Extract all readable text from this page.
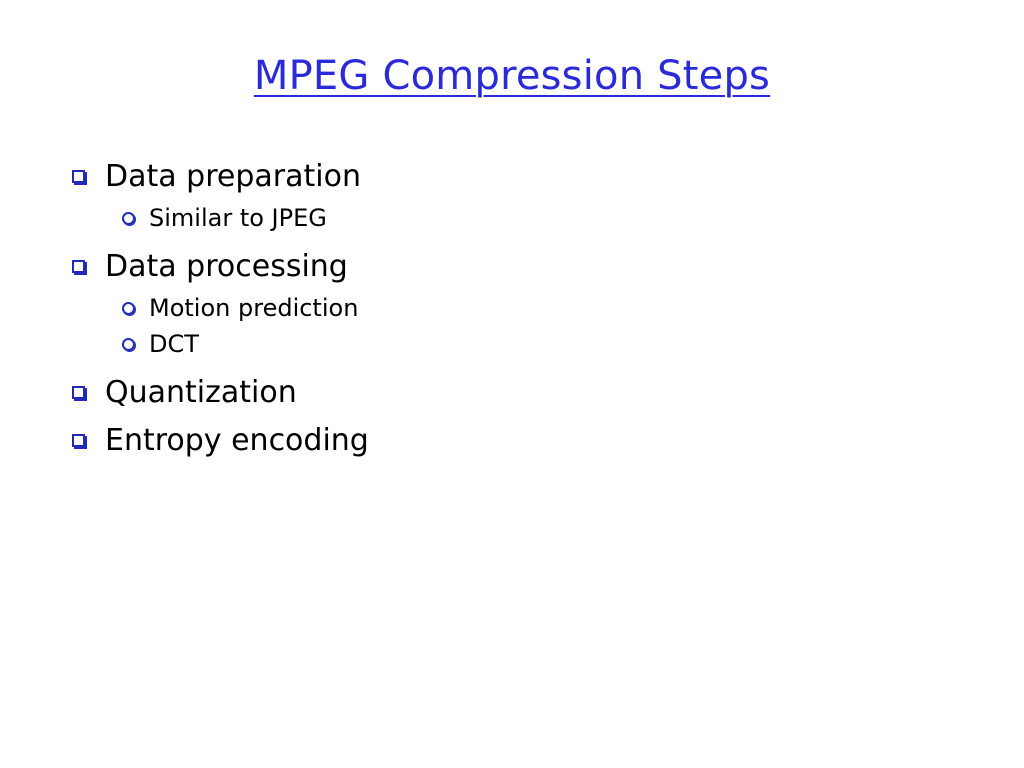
MPEG Compression Steps
Data preparation
Similar to JPEG
Data processing
Motion prediction
DCT
Quantization
Entropy encoding
